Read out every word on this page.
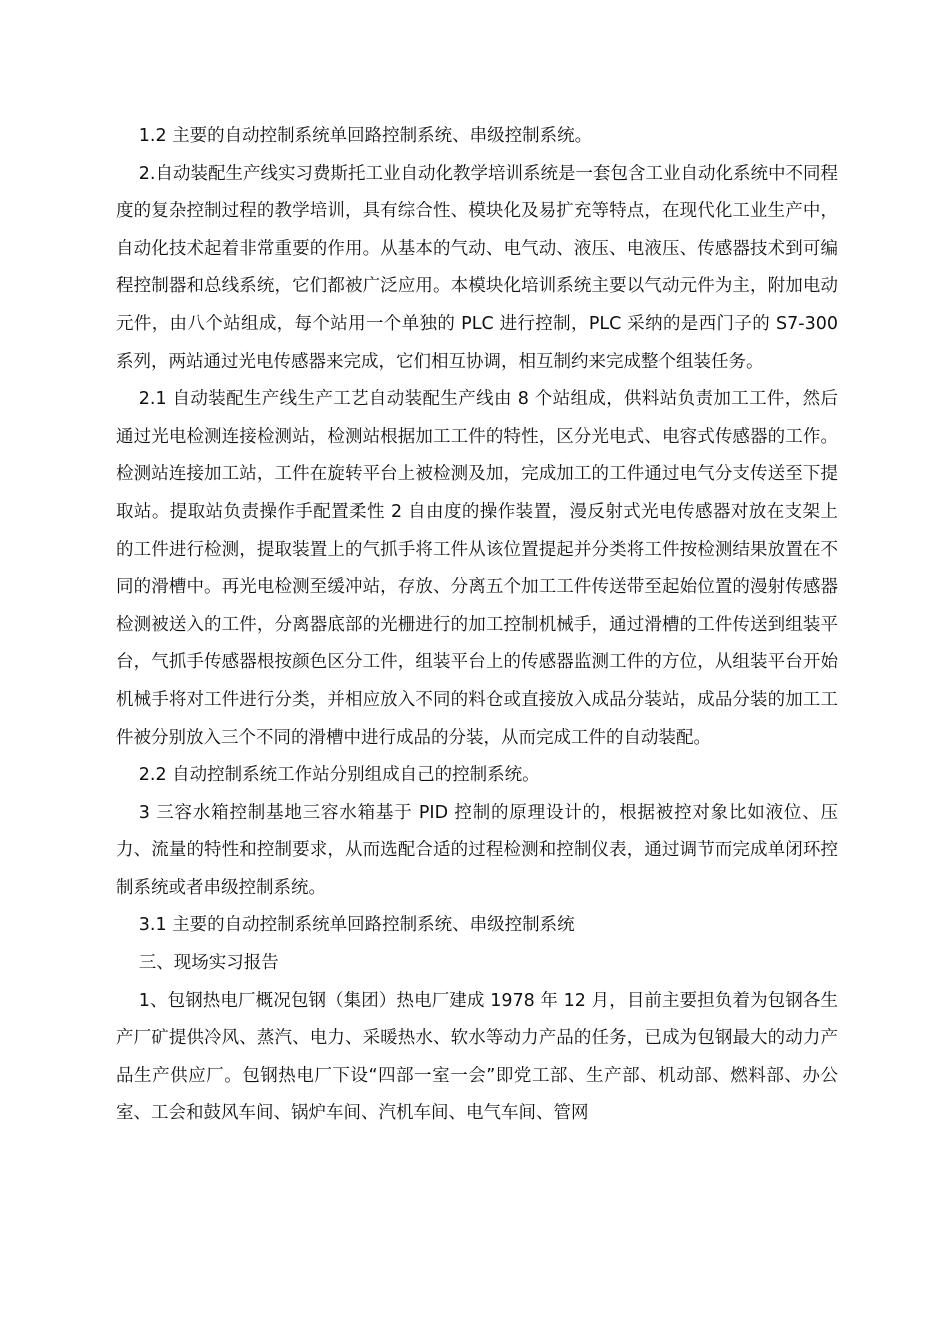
1.2 主要的自动控制系统单回路控制系统、串级控制系统。

2.自动装配生产线实习费斯托工业自动化教学培训系统是一套包含工业自动化系统中不同程度的复杂控制过程的教学培训，具有综合性、模块化及易扩充等特点，在现代化工业生产中，自动化技术起着非常重要的作用。从基本的气动、电气动、液压、电液压、传感器技术到可编程控制器和总线系统，它们都被广泛应用。本模块化培训系统主要以气动元件为主，附加电动元件，由八个站组成，每个站用一个单独的 PLC 进行控制，PLC 采纳的是西门子的 S7-300 系列，两站通过光电传感器来完成，它们相互协调，相互制约来完成整个组装任务。

2.1 自动装配生产线生产工艺自动装配生产线由 8 个站组成，供料站负责加工工件，然后通过光电检测连接检测站，检测站根据加工工件的特性，区分光电式、电容式传感器的工作。检测站连接加工站，工件在旋转平台上被检测及加，完成加工的工件通过电气分支传送至下提取站。提取站负责操作手配置柔性 2 自由度的操作装置，漫反射式光电传感器对放在支架上的工件进行检测，提取装置上的气抓手将工件从该位置提起并分类将工件按检测结果放置在不同的滑槽中。再光电检测至缓冲站，存放、分离五个加工工件传送带至起始位置的漫射传感器检测被送入的工件，分离器底部的光栅进行的加工控制机械手，通过滑槽的工件传送到组装平台，气抓手传感器根按颜色区分工件，组装平台上的传感器监测工件的方位，从组装平台开始机械手将对工件进行分类，并相应放入不同的料仓或直接放入成品分装站，成品分装的加工工件被分别放入三个不同的滑槽中进行成品的分装，从而完成工件的自动装配。

2.2 自动控制系统工作站分别组成自己的控制系统。

3 三容水箱控制基地三容水箱基于 PID 控制的原理设计的，根据被控对象比如液位、压力、流量的特性和控制要求，从而选配合适的过程检测和控制仪表，通过调节而完成单闭环控制系统或者串级控制系统。

3.1 主要的自动控制系统单回路控制系统、串级控制系统

三、现场实习报告

1、包钢热电厂概况包钢（集团）热电厂建成 1978 年 12 月，目前主要担负着为包钢各生产厂矿提供冷风、蒸汽、电力、采暖热水、软水等动力产品的任务，已成为包钢最大的动力产品生产供应厂。包钢热电厂下设“四部一室一会”即党工部、生产部、机动部、燃料部、办公室、工会和鼓风车间、锅炉车间、汽机车间、电气车间、管网
